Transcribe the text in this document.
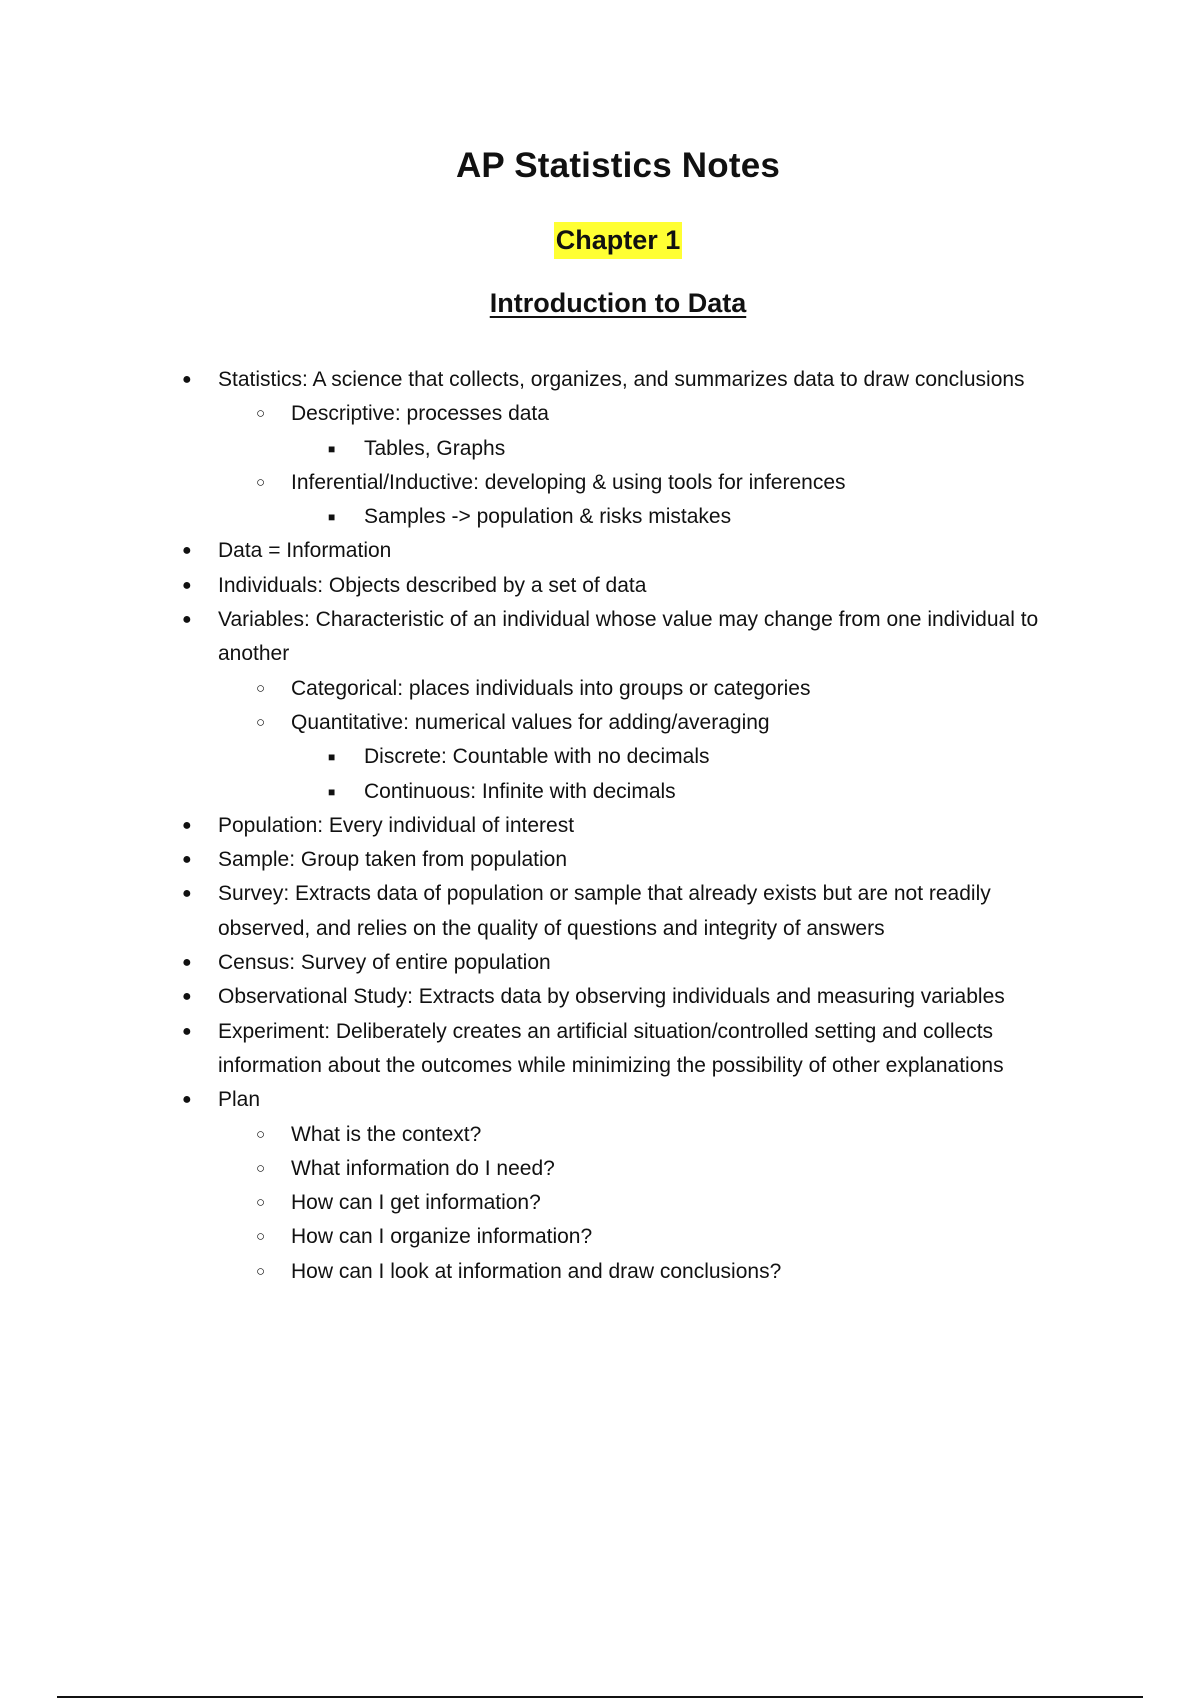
AP Statistics Notes
Chapter 1
Introduction to Data
● Statistics: A science that collects, organizes, and summarizes data to draw conclusions
○ Descriptive: processes data
■ Tables, Graphs
○ Inferential/Inductive: developing & using tools for inferences
■ Samples -> population & risks mistakes
● Data = Information
● Individuals: Objects described by a set of data
● Variables: Characteristic of an individual whose value may change from one individual to another
○ Categorical: places individuals into groups or categories
○ Quantitative: numerical values for adding/averaging
■ Discrete: Countable with no decimals
■ Continuous: Infinite with decimals
● Population: Every individual of interest
● Sample: Group taken from population
● Survey: Extracts data of population or sample that already exists but are not readily observed, and relies on the quality of questions and integrity of answers
● Census: Survey of entire population
● Observational Study: Extracts data by observing individuals and measuring variables
● Experiment: Deliberately creates an artificial situation/controlled setting and collects information about the outcomes while minimizing the possibility of other explanations
● Plan
○ What is the context?
○ What information do I need?
○ How can I get information?
○ How can I organize information?
○ How can I look at information and draw conclusions?
